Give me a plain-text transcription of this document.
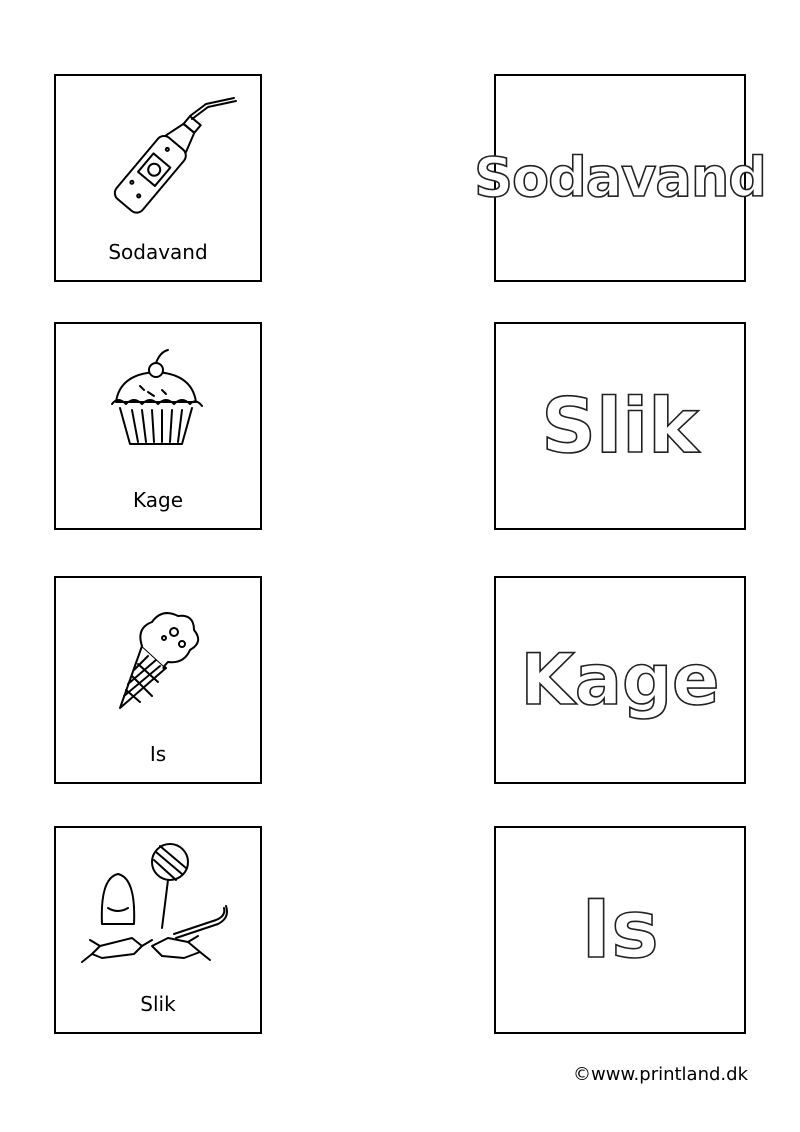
Sodavand
Kage
Is
Slik
Sodavand
Slik
Kage
Is
©www.printland.dk
